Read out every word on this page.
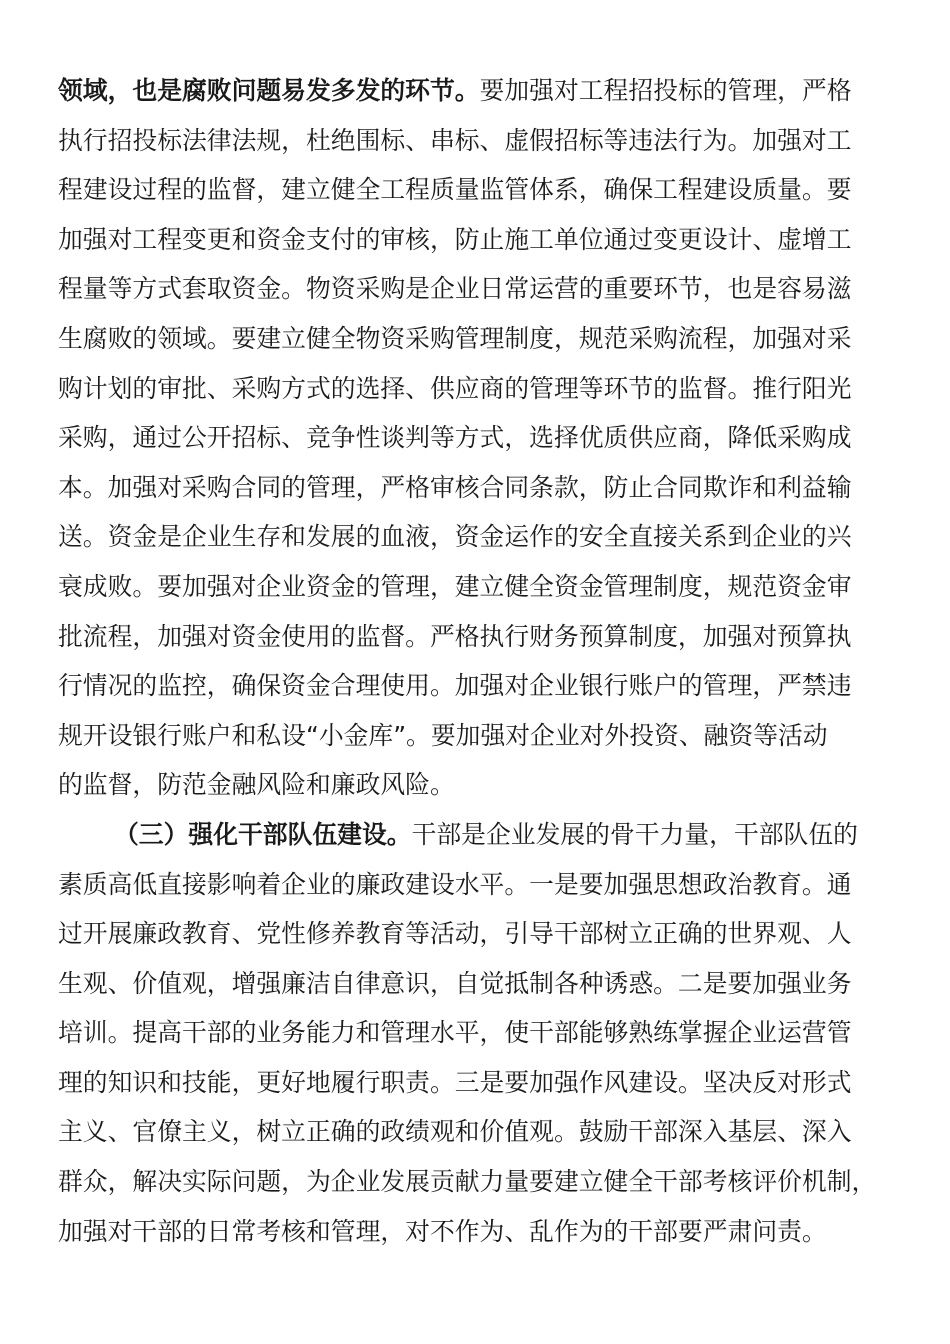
领域，也是腐败问题易发多发的环节。要加强对工程招投标的管理，严格
执行招投标法律法规，杜绝围标、串标、虚假招标等违法行为。加强对工
程建设过程的监督，建立健全工程质量监管体系，确保工程建设质量。要
加强对工程变更和资金支付的审核，防止施工单位通过变更设计、虚增工
程量等方式套取资金。物资采购是企业日常运营的重要环节，也是容易滋
生腐败的领域。要建立健全物资采购管理制度，规范采购流程，加强对采
购计划的审批、采购方式的选择、供应商的管理等环节的监督。推行阳光
采购，通过公开招标、竞争性谈判等方式，选择优质供应商，降低采购成
本。加强对采购合同的管理，严格审核合同条款，防止合同欺诈和利益输
送。资金是企业生存和发展的血液，资金运作的安全直接关系到企业的兴
衰成败。要加强对企业资金的管理，建立健全资金管理制度，规范资金审
批流程，加强对资金使用的监督。严格执行财务预算制度，加强对预算执
行情况的监控，确保资金合理使用。加强对企业银行账户的管理，严禁违
规开设银行账户和私设“小金库”。要加强对企业对外投资、融资等活动
的监督，防范金融风险和廉政风险。
（三）强化干部队伍建设。干部是企业发展的骨干力量，干部队伍的
素质高低直接影响着企业的廉政建设水平。一是要加强思想政治教育。通
过开展廉政教育、党性修养教育等活动，引导干部树立正确的世界观、人
生观、价值观，增强廉洁自律意识，自觉抵制各种诱惑。二是要加强业务
培训。提高干部的业务能力和管理水平，使干部能够熟练掌握企业运营管
理的知识和技能，更好地履行职责。三是要加强作风建设。坚决反对形式
主义、官僚主义，树立正确的政绩观和价值观。鼓励干部深入基层、深入
群众，解决实际问题，为企业发展贡献力量要建立健全干部考核评价机制，
加强对干部的日常考核和管理，对不作为、乱作为的干部要严肃问责。
